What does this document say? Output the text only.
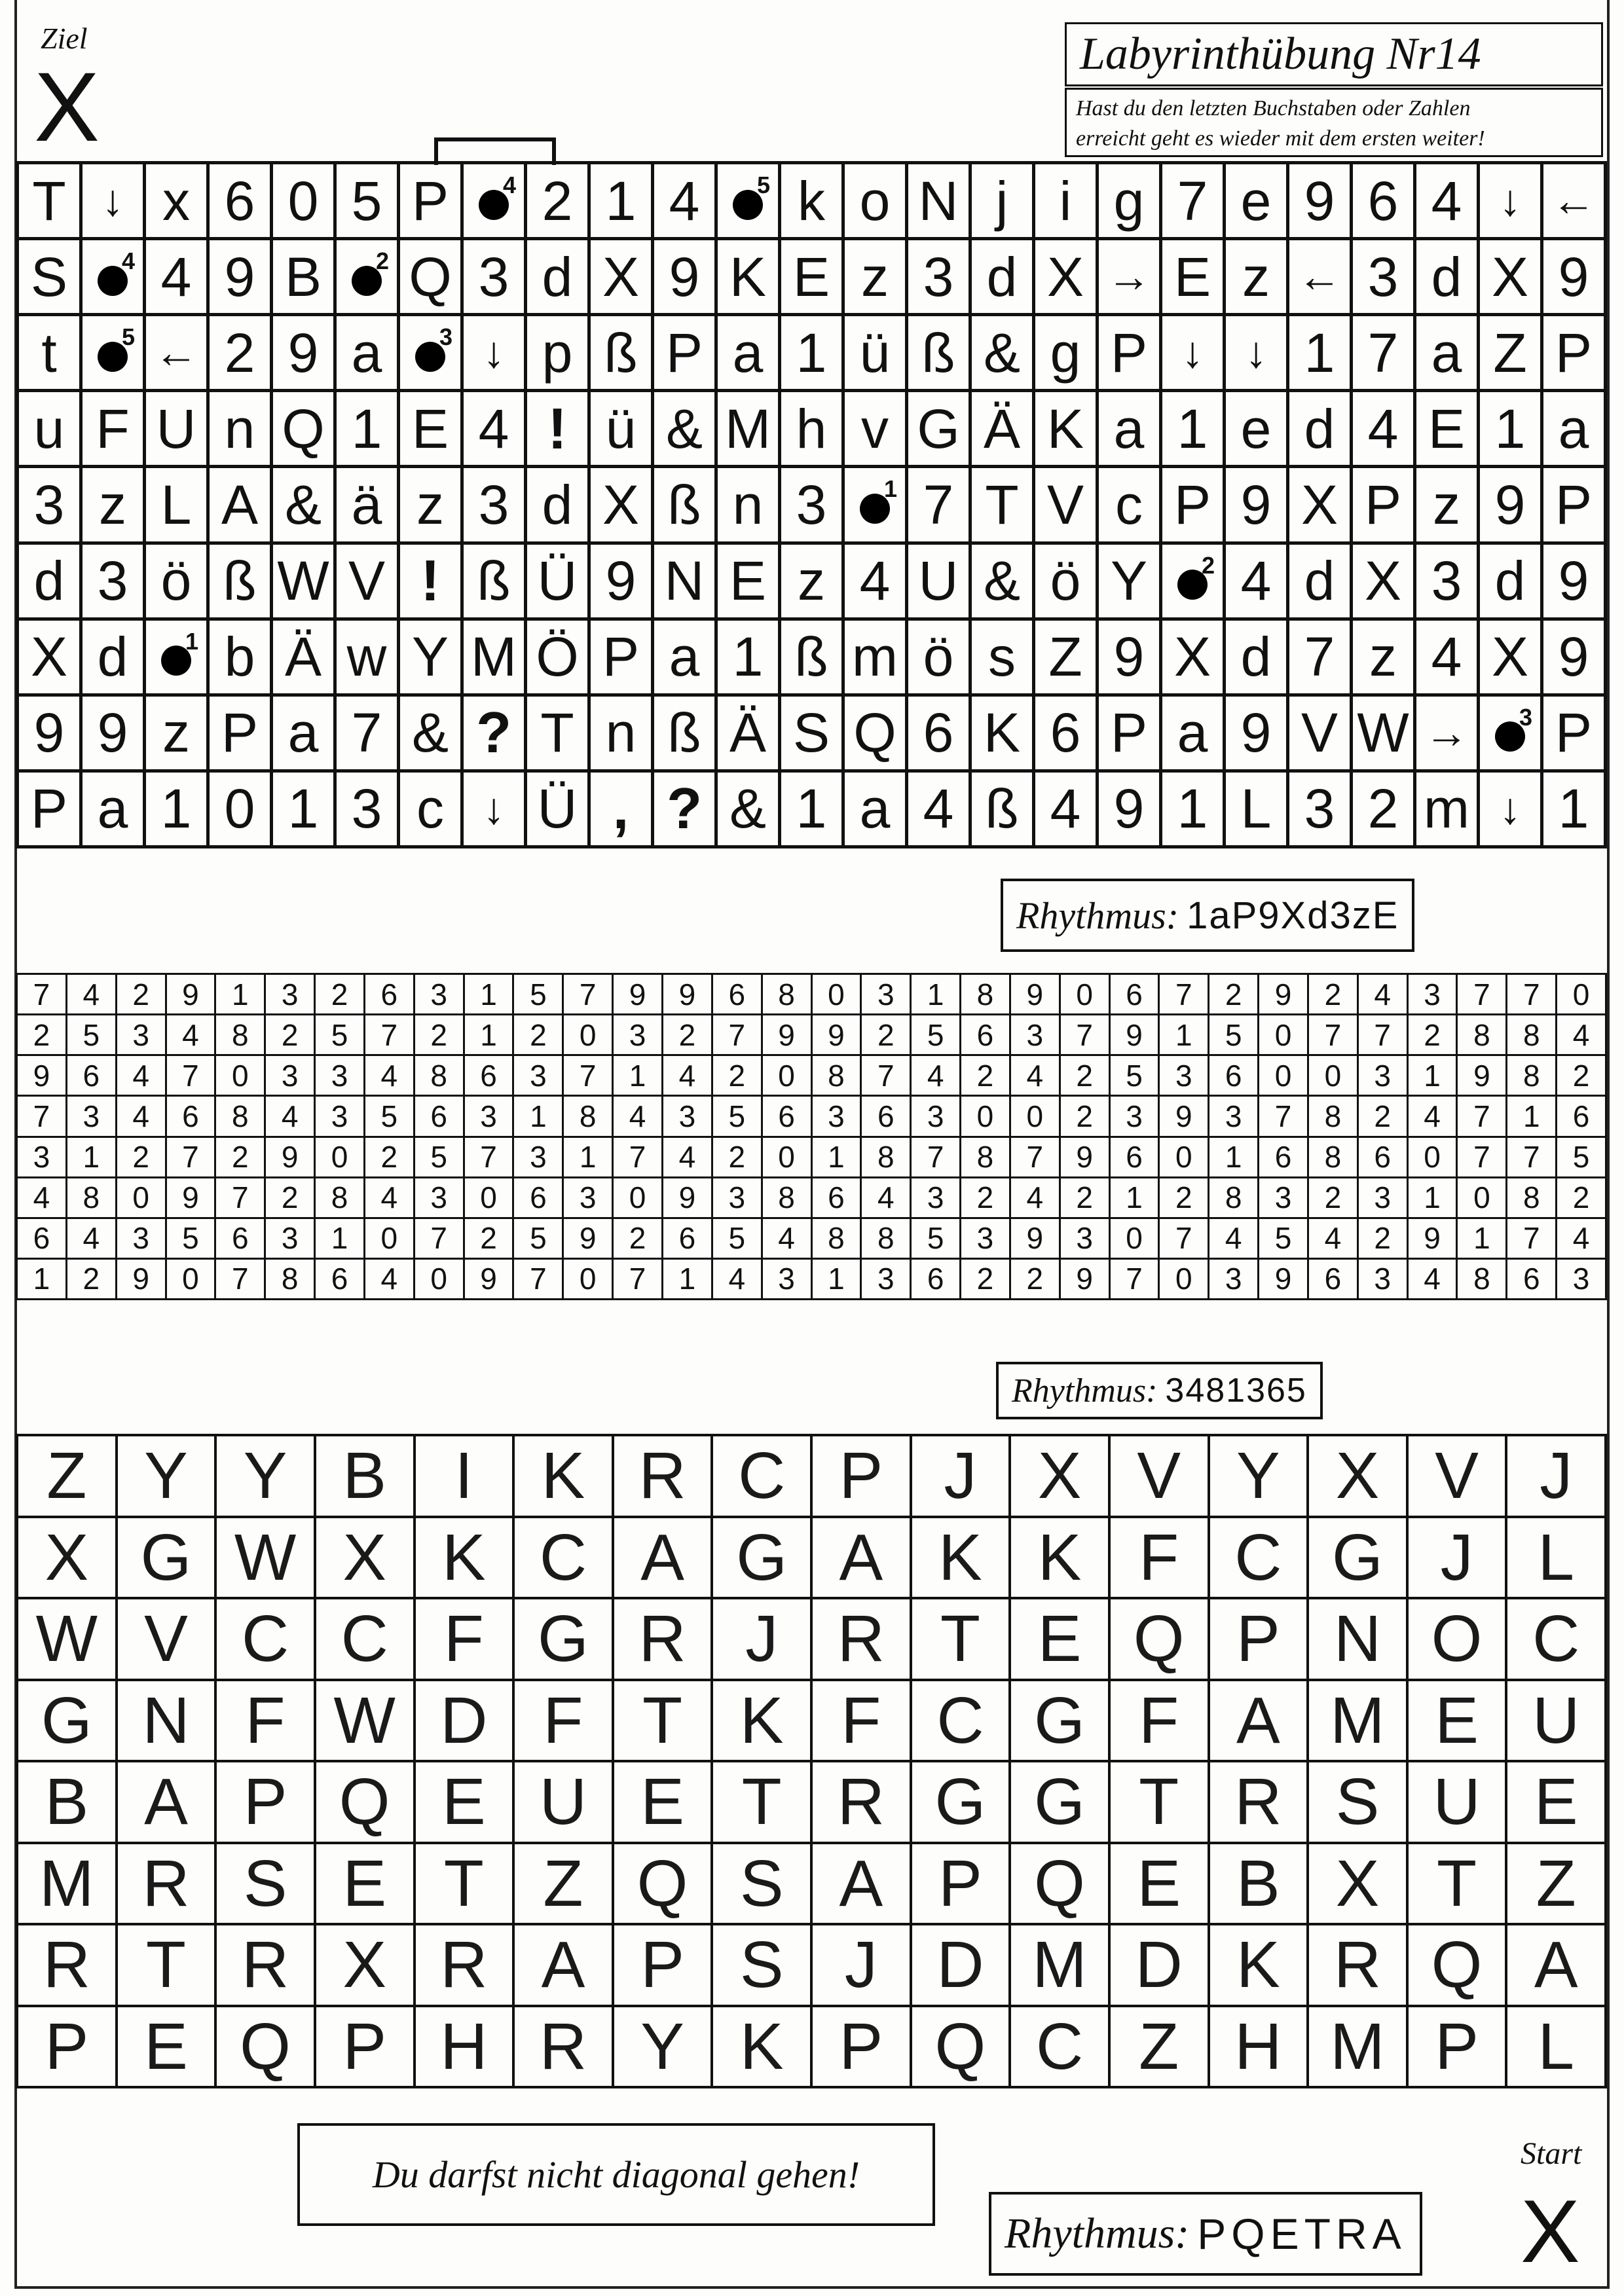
Ziel
X	Labyrinthübung Nr14
Hast du den letzten Buchstaben oder Zahlen
erreicht geht es wieder mit dem ersten weiter!
T ↓ x 6 0 5 P	4 2 1 4	5 k o N j i g 7 e 9 6 4 ↓ ←
S	4 4 9 B	2 Q 3 d X 9 K E z 3 d X → E z ← 3 d X 9
t	5 ← 2 9 a	3 ↓ p ß P a 1 ü ß & g P ↓ ↓ 1 7 a Z P
u F U n Q 1 E 4 ! ü & M h v G Ä K a 1 e d 4 E 1 a
3 z L A & ä z 3 d X ß n 3	1 7 T V c P 9 X P z 9 P
d 3 ö ß W V ! ß Ü 9 N E z 4 U & ö Y	2 4 d X 3 d 9
X d	1 b Ä w Y M Ö P a 1 ß m ö s Z 9 X d 7 z 4 X 9
9 9 z P a 7 & ? T n ß Ä S Q 6 K 6 P a 9 V W →	3 P
P a 1 0 1 3 c ↓ Ü , ? & 1 a 4 ß 4 9 1 L 3 2 m ↓ 1
Rhythmus: 1aP9Xd3zE
7	4	2	9	1	3	2	6	3	1	5	7	9	9	6	8	0	3	1	8	9	0	6	7	2	9	2	4	3	7	7	0
2	5	3	4	8	2	5	7	2	1	2	0	3	2	7	9	9	2	5	6	3	7	9	1	5	0	7	7	2	8	8	4
9	6	4	7	0	3	3	4	8	6	3	7	1	4	2	0	8	7	4	2	4	2	5	3	6	0	0	3	1	9	8	2
7	3	4	6	8	4	3	5	6	3	1	8	4	3	5	6	3	6	3	0	0	2	3	9	3	7	8	2	4	7	1	6
3	1	2	7	2	9	0	2	5	7	3	1	7	4	2	0	1	8	7	8	7	9	6	0	1	6	8	6	0	7	7	5
4	8	0	9	7	2	8	4	3	0	6	3	0	9	3	8	6	4	3	2	4	2	1	2	8	3	2	3	1	0	8	2
6	4	3	5	6	3	1	0	7	2	5	9	2	6	5	4	8	8	5	3	9	3	0	7	4	5	4	2	9	1	7	4
1	2	9	0	7	8	6	4	0	9	7	0	7	1	4	3	1	3	6	2	2	9	7	0	3	9	6	3	4	8	6	3
Rhythmus: 3481365
Z Y Y B	I	K R C P J X V Y X V J
X G W X K C A G A K K F C G J L
W V C C F G R J R T E Q P N O C
G N F W D F T K F C G F A M E U
B A P Q E U E T R G G T R S U E
M R S E T Z Q S A P Q E B X T Z
R T R X R A P S J D M D K R Q A
P E Q P H R Y K P Q C Z H M P L
Du darfst nicht diagonal gehen!
Rhythmus: PQETRA
Start
X
